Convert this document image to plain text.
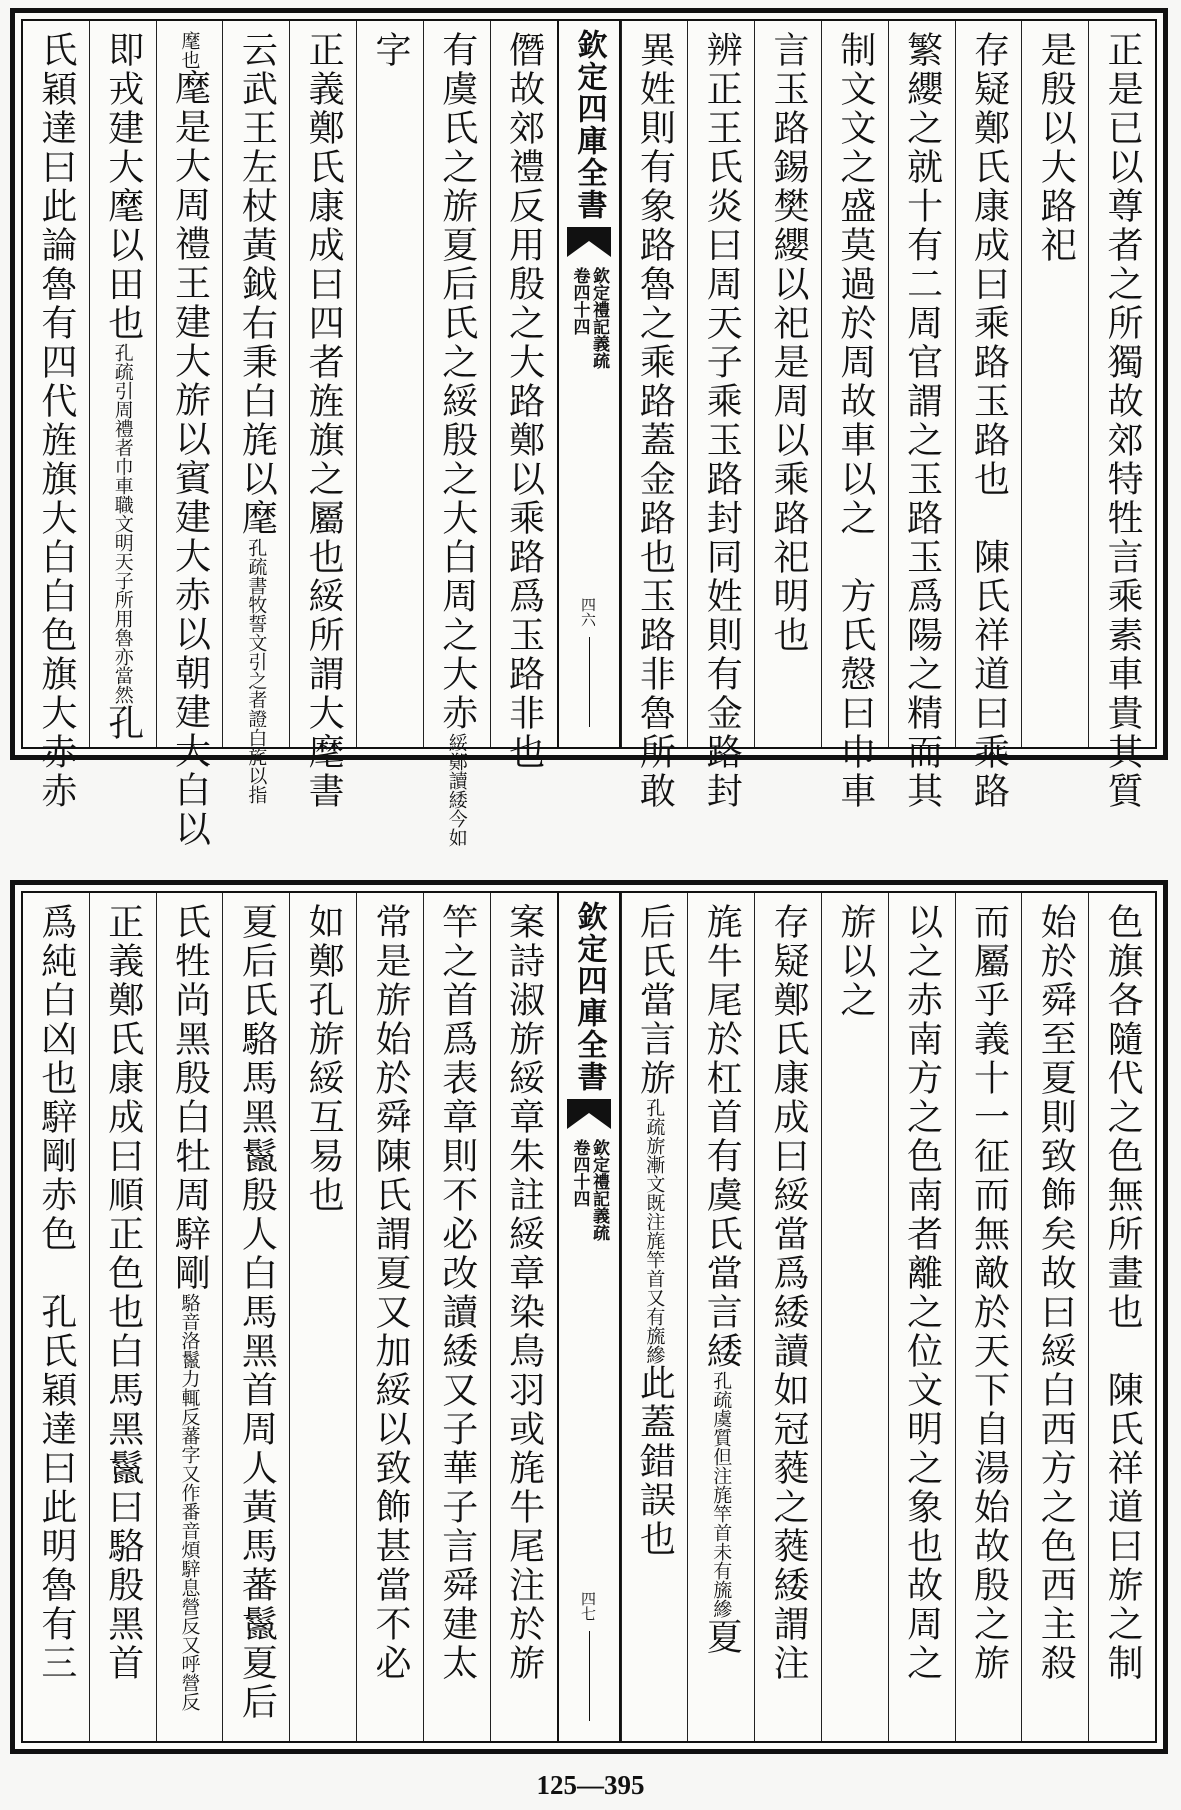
正是已以尊者之所獨故郊特牲言乘素車貴其質
是殷以大路祀
存疑鄭氏康成曰乘路玉路也　陳氏祥道曰乘路
繁纓之就十有二周官謂之玉路玉爲陽之精而其
制文文之盛莫過於周故車以之　方氏慤曰巾車
言玉路錫樊纓以祀是周以乘路祀明也
辨正王氏炎曰周天子乘玉路封同姓則有金路封
異姓則有象路魯之乘路蓋金路也玉路非魯所敢
欽定四庫全書
欽定禮記義疏
卷四十四
四六
僭故郊禮反用殷之大路鄭以乘路爲玉路非也
有虞氏之旂夏后氏之綏殷之大白周之大赤綏鄭讀緌今如
字
正義鄭氏康成曰四者旌旗之屬也綏所謂大麾書
云武王左杖黃鉞右秉白旄以麾孔疏書牧誓文引之者證白旄以指
麾也麾是大周禮王建大旂以賓建大赤以朝建大白以
即戎建大麾以田也孔疏引周禮者巾車職文明天子所用魯亦當然孔
氏穎達曰此論魯有四代旌旗大白白色旗大赤赤
色旗各隨代之色無所畫也　陳氏祥道曰旂之制
始於舜至夏則致飾矣故曰綏白西方之色西主殺
而屬乎義十一征而無敵於天下自湯始故殷之旂
以之赤南方之色南者離之位文明之象也故周之
旂以之
存疑鄭氏康成曰綏當爲緌讀如冠蕤之蕤緌謂注
旄牛尾於杠首有虞氏當言緌孔疏虞質但注旄竿首未有旒縿夏
后氏當言旂孔疏旂漸文既注旄竿首又有旒縿此蓋錯誤也
欽定四庫全書
欽定禮記義疏
卷四十四
四七
案詩淑旂綏章朱註綏章染鳥羽或旄牛尾注於旂
竿之首爲表章則不必改讀緌又子華子言舜建太
常是旂始於舜陳氏謂夏又加綏以致飾甚當不必
如鄭孔旂綏互易也
夏后氏駱馬黑鬣殷人白馬黑首周人黃馬蕃鬣夏后
氏牲尚黑殷白牡周騂剛駱音洛鬣力輒反蕃字又作番音煩騂息營反又呼營反
正義鄭氏康成曰順正色也白馬黑鬣曰駱殷黑首
爲純白凶也騂剛赤色　孔氏穎達曰此明魯有三
125—395
